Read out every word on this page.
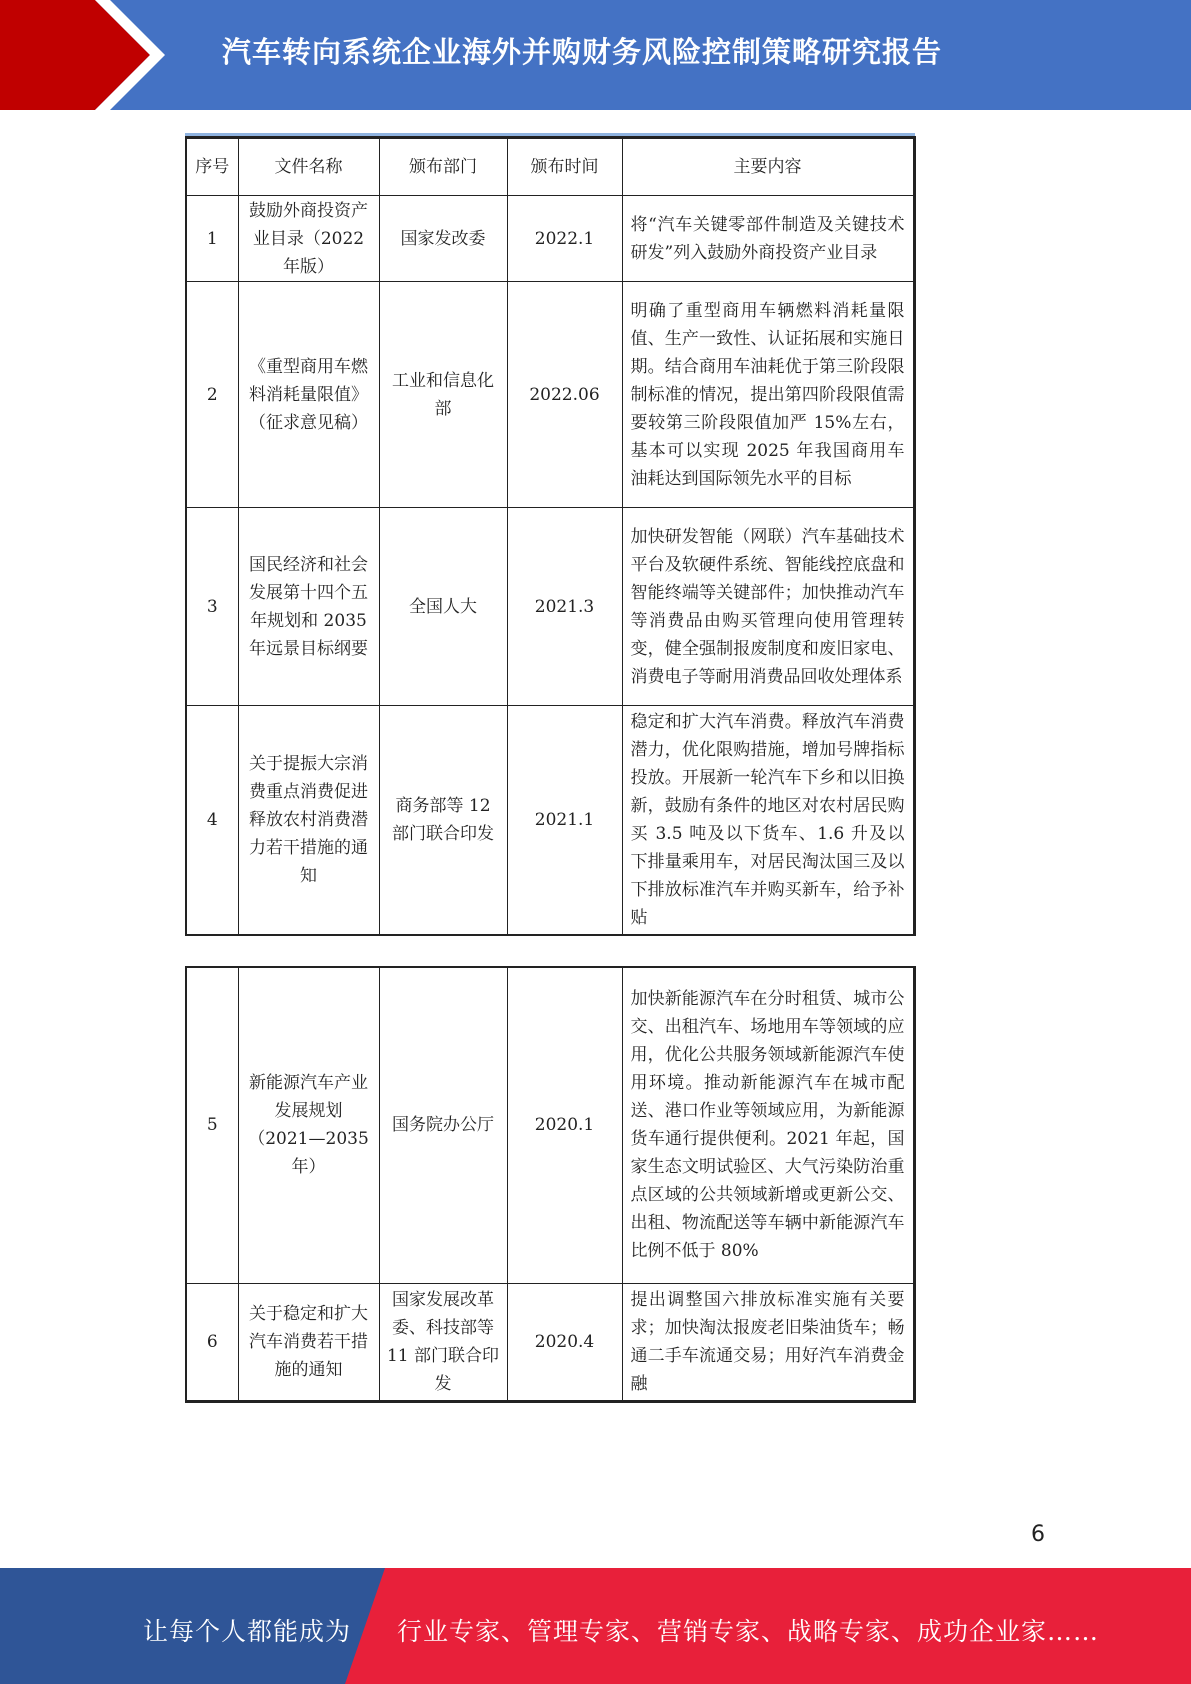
汽车转向系统企业海外并购财务风险控制策略研究报告
序号	文件名称	颁布部门	颁布时间	主要内容
1	鼓励外商投资产业目录（2022 年版）	国家发改委	2022.1	将“汽车关键零部件制造及关键技术研发”列入鼓励外商投资产业目录
2	《重型商用车燃料消耗量限值》（征求意见稿）	工业和信息化部	2022.06	明确了重型商用车辆燃料消耗量限值、生产一致性、认证拓展和实施日期。结合商用车油耗优于第三阶段限制标准的情况，提出第四阶段限值需要较第三阶段限值加严 15%左右，基本可以实现 2025 年我国商用车油耗达到国际领先水平的目标
3	国民经济和社会发展第十四个五年规划和 2035 年远景目标纲要	全国人大	2021.3	加快研发智能（网联）汽车基础技术平台及软硬件系统、智能线控底盘和智能终端等关键部件；加快推动汽车等消费品由购买管理向使用管理转变，健全强制报废制度和废旧家电、消费电子等耐用消费品回收处理体系
4	关于提振大宗消费重点消费促进释放农村消费潜力若干措施的通知	商务部等 12 部门联合印发	2021.1	稳定和扩大汽车消费。释放汽车消费潜力，优化限购措施，增加号牌指标投放。开展新一轮汽车下乡和以旧换新，鼓励有条件的地区对农村居民购买 3.5 吨及以下货车、1.6 升及以下排量乘用车，对居民淘汰国三及以下排放标准汽车并购买新车，给予补贴
5	新能源汽车产业发展规划（2021—2035 年）	国务院办公厅	2020.1	加快新能源汽车在分时租赁、城市公交、出租汽车、场地用车等领域的应用，优化公共服务领域新能源汽车使用环境。推动新能源汽车在城市配送、港口作业等领域应用，为新能源货车通行提供便利。2021 年起，国家生态文明试验区、大气污染防治重点区域的公共领域新增或更新公交、出租、物流配送等车辆中新能源汽车比例不低于 80%
6	关于稳定和扩大汽车消费若干措施的通知	国家发展改革委、科技部等 11 部门联合印发	2020.4	提出调整国六排放标准实施有关要求；加快淘汰报废老旧柴油货车；畅通二手车流通交易；用好汽车消费金融
6
让每个人都能成为 行业专家、管理专家、营销专家、战略专家、成功企业家……
